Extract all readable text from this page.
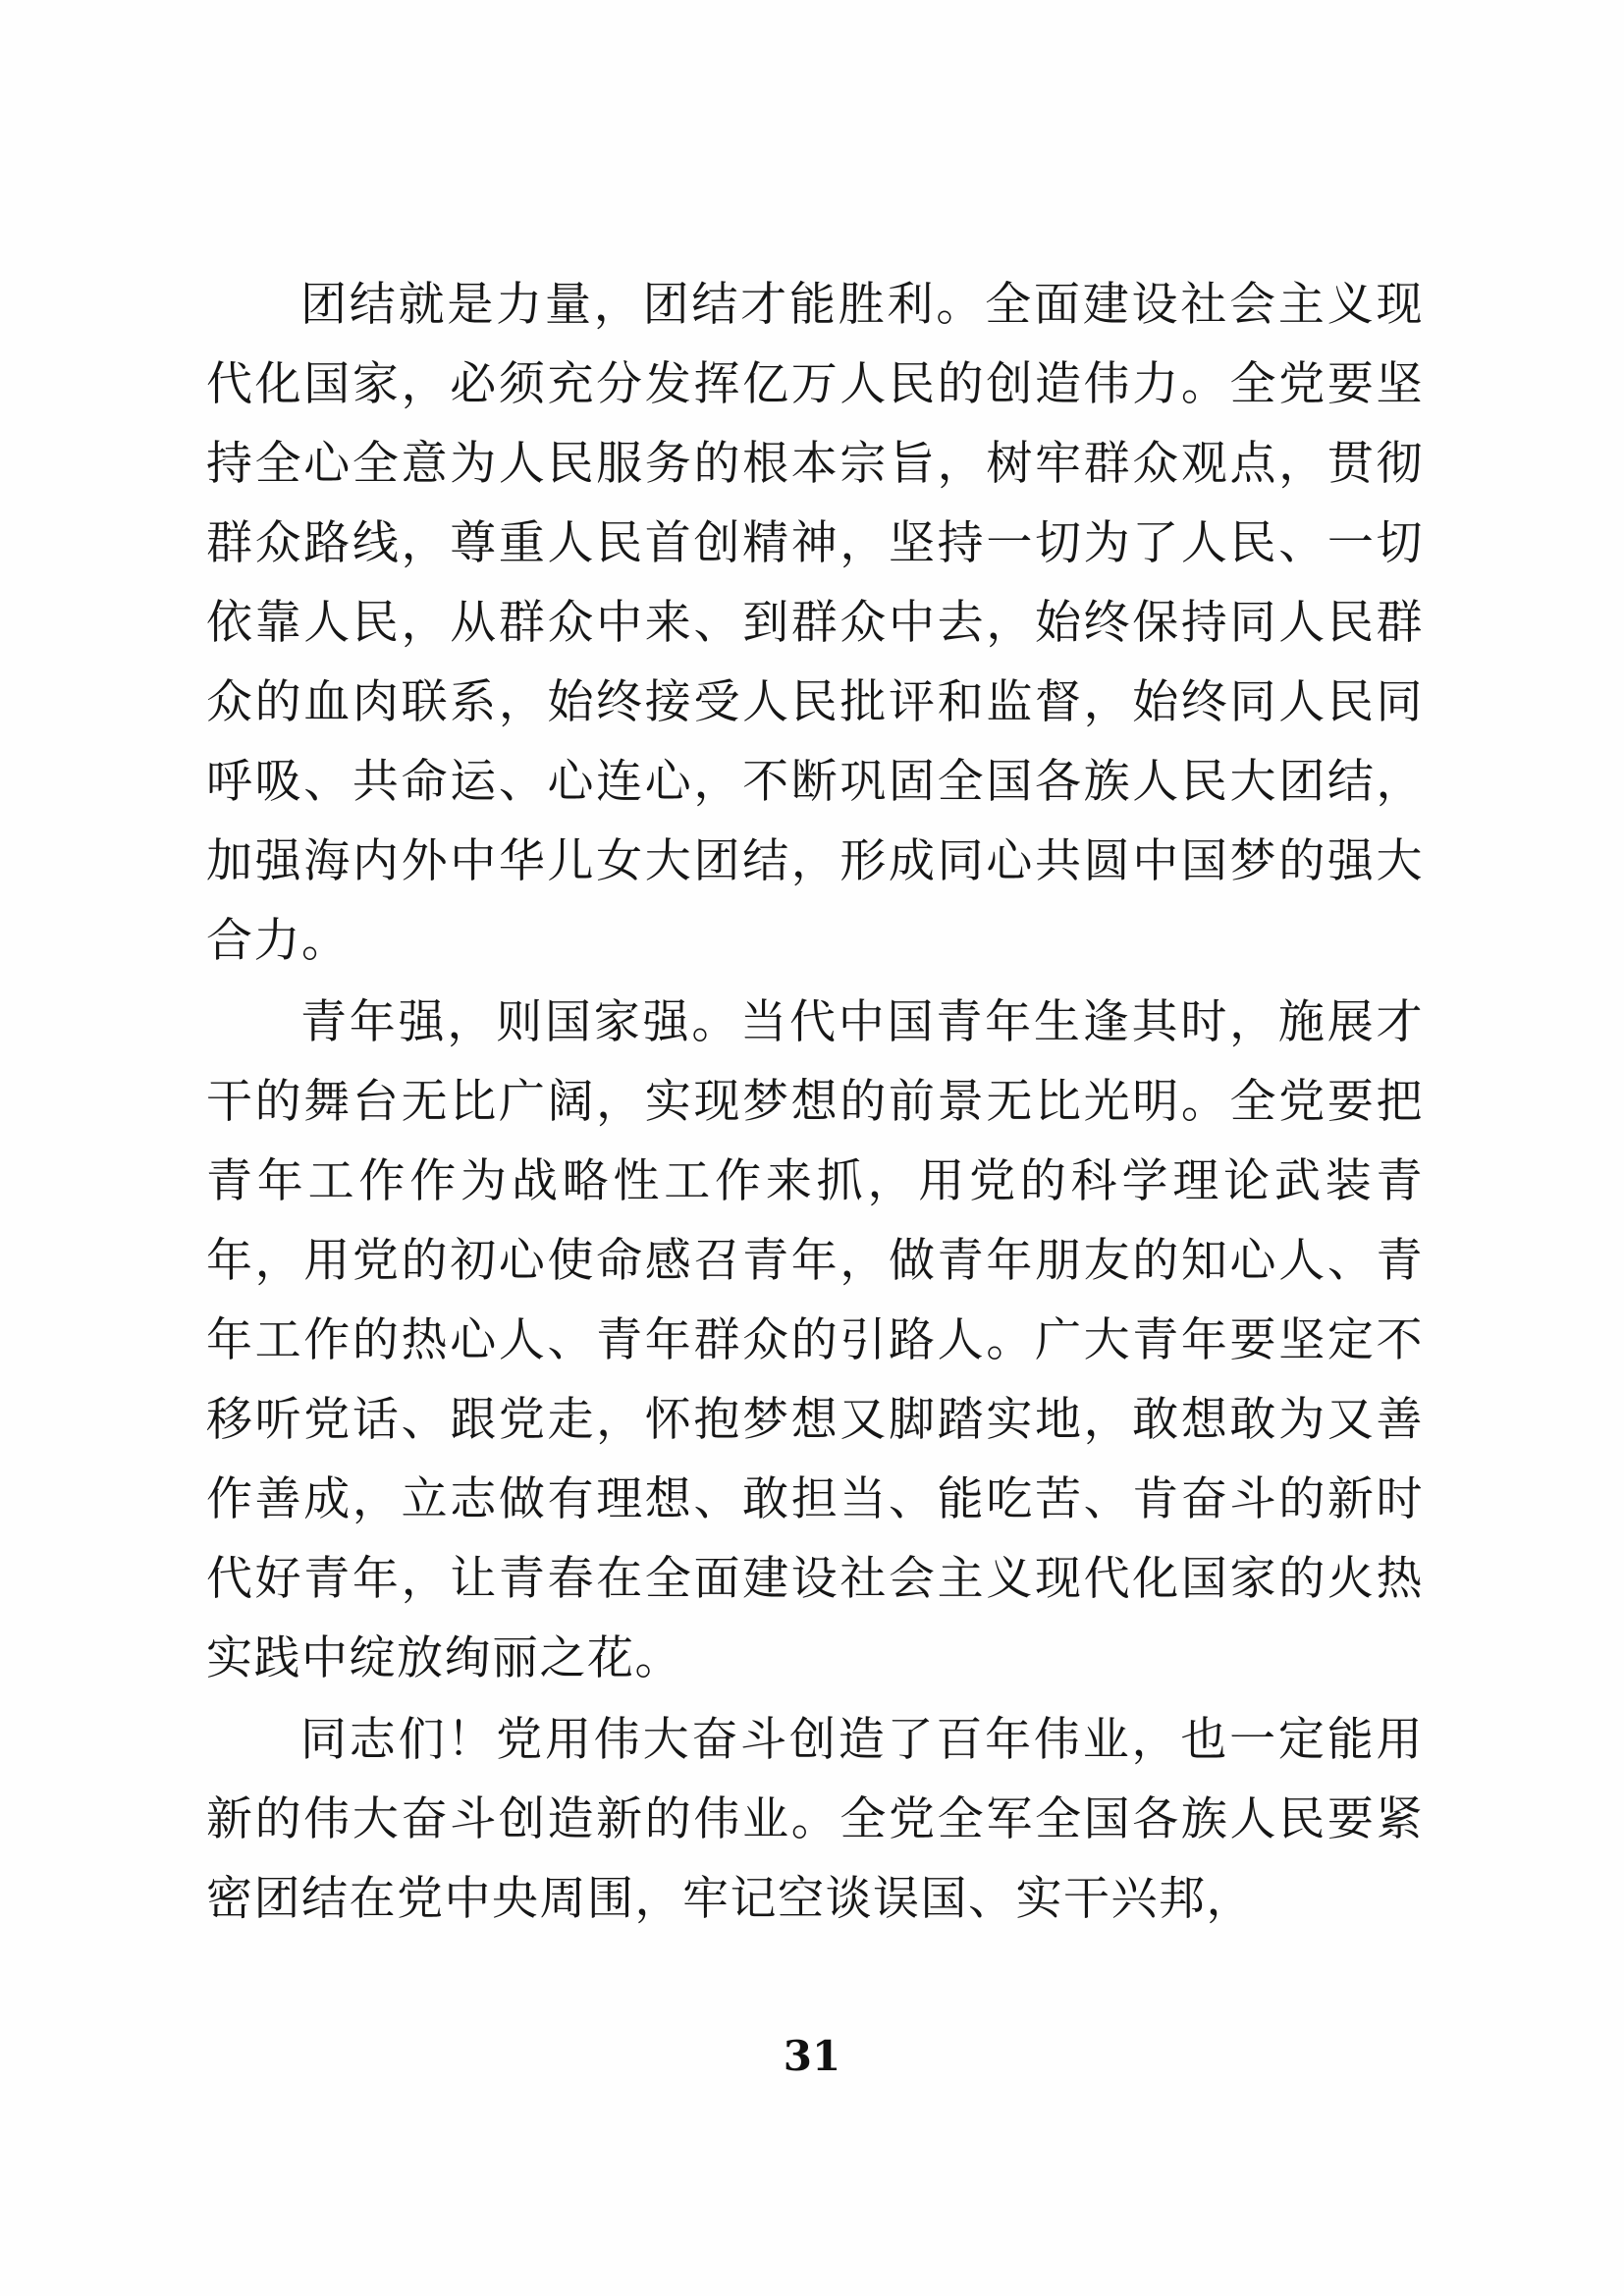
团结就是力量，团结才能胜利。全面建设社会主义现代化国家，必须充分发挥亿万人民的创造伟力。全党要坚持全心全意为人民服务的根本宗旨，树牢群众观点，贯彻群众路线，尊重人民首创精神，坚持一切为了人民、一切依靠人民，从群众中来、到群众中去，始终保持同人民群众的血肉联系，始终接受人民批评和监督，始终同人民同呼吸、共命运、心连心，不断巩固全国各族人民大团结，加强海内外中华儿女大团结，形成同心共圆中国梦的强大合力。

青年强，则国家强。当代中国青年生逢其时，施展才干的舞台无比广阔，实现梦想的前景无比光明。全党要把青年工作作为战略性工作来抓，用党的科学理论武装青年，用党的初心使命感召青年，做青年朋友的知心人、青年工作的热心人、青年群众的引路人。广大青年要坚定不移听党话、跟党走，怀抱梦想又脚踏实地，敢想敢为又善作善成，立志做有理想、敢担当、能吃苦、肯奋斗的新时代好青年，让青春在全面建设社会主义现代化国家的火热实践中绽放绚丽之花。

同志们！党用伟大奋斗创造了百年伟业，也一定能用新的伟大奋斗创造新的伟业。全党全军全国各族人民要紧密团结在党中央周围，牢记空谈误国、实干兴邦，

31
